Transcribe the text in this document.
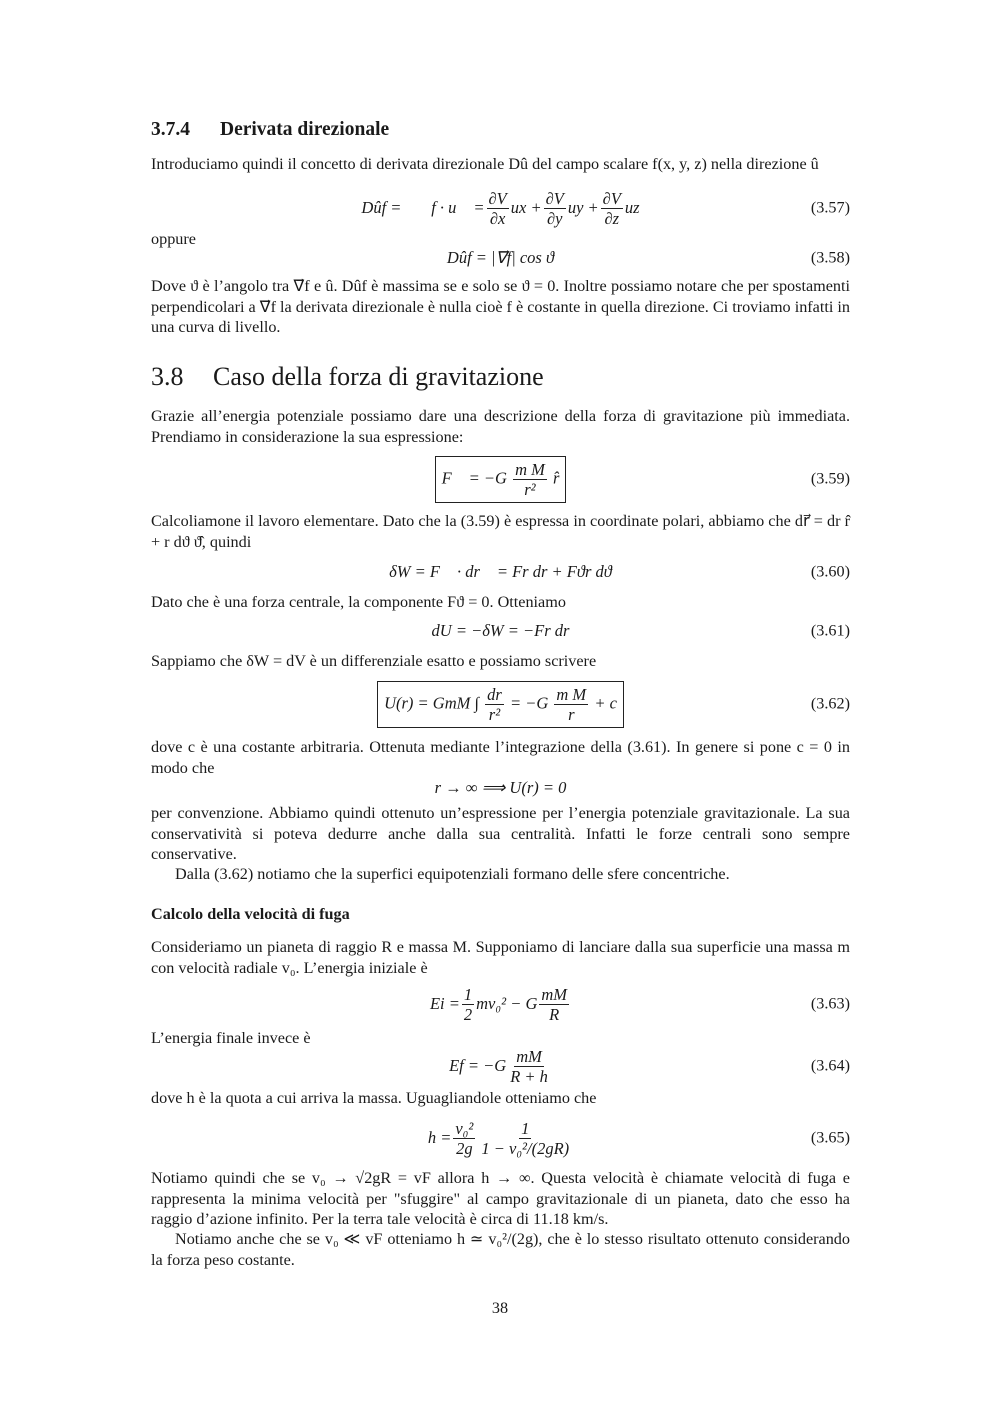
3.7.4 Derivata direzionale

Introduciamo quindi il concetto di derivata direzionale Dû del campo scalare f(x, y, z) nella direzione û

Dûf = ∇⃗f · u⃗ = $\frac{\partial V}{\partial x}$ ux + $\frac{\partial V}{\partial y}$ uy + $\frac{\partial V}{\partial z}$ uz	(3.57)

oppure

Dûf = |∇⃗f| cos ϑ	(3.58)

Dove ϑ è l’angolo tra ∇⃗f e û. Dûf è massima se e solo se ϑ = 0. Inoltre possiamo notare che per spostamenti perpendicolari a ∇⃗f la derivata direzionale è nulla cioè f è costante in quella direzione. Ci troviamo infatti in una curva di livello.

3.8 Caso della forza di gravitazione

Grazie all’energia potenziale possiamo dare una descrizione della forza di gravitazione più immediata. Prendiamo in considerazione la sua espressione:

F⃗ = $-G \frac{\text{m M}}{\text{r²}}$ r̂	(3.59)

Calcoliamone il lavoro elementare. Dato che la (3.59) è espressa in coordinate polari, abbiamo che dr⃗ = dr r̂ + r dϑ ϑ̂, quindi

δW = F⃗ · dr⃗ = Fr dr + Fϑr dϑ	(3.60)

Dato che è una forza centrale, la componente Fϑ = 0. Otteniamo

dU = −δW = −Fr dr	(3.61)

Sappiamo che δW = dV è un differenziale esatto e possiamo scrivere

U(r) = GmM ∫ $\frac{dr}{\text{r²}} = -G \frac{\text{m M}}{r} + c$	(3.62)

dove c è una costante arbitraria. Ottenuta mediante l’integrazione della (3.61). In genere si pone c = 0 in modo che

r → ∞ ⟹ U(r) = 0

per convenzione. Abbiamo quindi ottenuto un’espressione per l’energia potenziale gravitazionale. La sua conservatività si poteva dedurre anche dalla sua centralità. Infatti le forze centrali sono sempre conservative.

Dalla (3.62) notiamo che la superfici equipotenziali formano delle sfere concentriche.

Calcolo della velocità di fuga

Consideriamo un pianeta di raggio R e massa M. Supponiamo di lanciare dalla sua superficie una massa m con velocità radiale v₀. L’energia iniziale è

$Ei = \frac{1}{2} mv_0^2 - G \frac{mM}{R}$	(3.63)

L’energia finale invece è

$Ef = -G \frac{mM}{R + h}$	(3.64)

dove h è la quota a cui arriva la massa. Uguagliandole otteniamo che

$h = \frac{\text{v₀²}}{2g} \frac{1}{\text{1 − v₀²/(2gR)}}$	(3.65)

Notiamo quindi che se v₀ → √2gR = vF allora h → ∞. Questa velocità è chiamate velocità di fuga e rappresenta la minima velocità per "sfuggire" al campo gravitazionale di un pianeta, dato che esso ha raggio d’azione infinito. Per la terra tale velocità è circa di 11.18 km/s.

Notiamo anche che se v₀ ≪ vF otteniamo h ≃ v₀²/(2g), che è lo stesso risultato ottenuto considerando la forza peso costante.

38
